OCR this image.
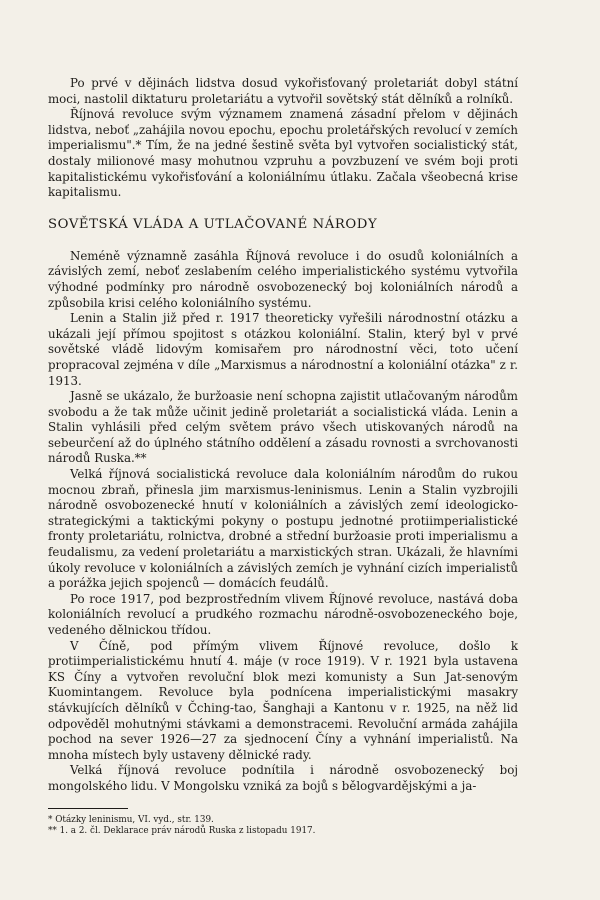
Po prvé v dějinách lidstva dosud vykořisťovaný proletariát dobyl státní moci, nastolil diktaturu proletariátu a vytvořil sovětský stát dělníků a rolníků.

Říjnová revoluce svým významem znamená zásadní přelom v dějinách lidstva, neboť „zahájila novou epochu, epochu proletářských revolucí v zemích imperialismu".* Tím, že na jedné šestině světa byl vytvořen socialistický stát, dostaly milionové masy mohutnou vzpruhu a povzbuzení ve svém boji proti kapitalistickému vykořisťování a koloniálnímu útlaku. Začala všeobecná krise kapitalismu.

SOVĚTSKÁ VLÁDA A UTLAČOVANÉ NÁRODY

Neméně významně zasáhla Říjnová revoluce i do osudů koloniálních a závislých zemí, neboť zeslabením celého imperialistického systému vytvořila výhodné podmínky pro národně osvobozenecký boj koloniálních národů a způsobila krisi celého koloniálního systému.

Lenin a Stalin již před r. 1917 theoreticky vyřešili národnostní otázku a ukázali její přímou spojitost s otázkou koloniální. Stalin, který byl v prvé sovětské vládě lidovým komisařem pro národnostní věci, toto učení propracoval zejména v díle „Marxismus a národnostní a koloniální otázka" z r. 1913.

Jasně se ukázalo, že buržoasie není schopna zajistit utlačovaným národům svobodu a že tak může učinit jedině proletariát a socialistická vláda. Lenin a Stalin vyhlásili před celým světem právo všech utiskovaných národů na sebeurčení až do úplného státního oddělení a zásadu rovnosti a svrchovanosti národů Ruska.**

Velká říjnová socialistická revoluce dala koloniálním národům do rukou mocnou zbraň, přinesla jim marxismus-leninismus. Lenin a Stalin vyzbrojili národně osvobozenecké hnutí v koloniálních a závislých zemí ideologicko-strategickými a taktickými pokyny o postupu jednotné protiimperialistické fronty proletariátu, rolnictva, drobné a střední buržoasie proti imperialismu a feudalismu, za vedení proletariátu a marxistických stran. Ukázali, že hlavními úkoly revoluce v koloniálních a závislých zemích je vyhnání cizích imperialistů a porážka jejich spojenců — domácích feudálů.

Po roce 1917, pod bezprostředním vlivem Říjnové revoluce, nastává doba koloniálních revolucí a prudkého rozmachu národně-osvobozeneckého boje, vedeného dělnickou třídou.

V Číně, pod přímým vlivem Říjnové revoluce, došlo k protiimperialistickému hnutí 4. máje (v roce 1919). V r. 1921 byla ustavena KS Číny a vytvořen revoluční blok mezi komunisty a Sun Jat-senovým Kuomintangem. Revoluce byla podnícena imperialistickými masakry stávkujících dělníků v Čching-tao, Šanghaji a Kantonu v r. 1925, na něž lid odpověděl mohutnými stávkami a demonstracemi. Revoluční armáda zahájila pochod na sever 1926—27 za sjednocení Číny a vyhnání imperialistů. Na mnoha místech byly ustaveny dělnické rady.

Velká říjnová revoluce podnítila i národně osvobozenecký boj mongolského lidu. V Mongolsku vzniká za bojů s bělogvardějskými a ja-

* Otázky leninismu, VI. vyd., str. 139.

** 1. a 2. čl. Deklarace práv národů Ruska z listopadu 1917.
